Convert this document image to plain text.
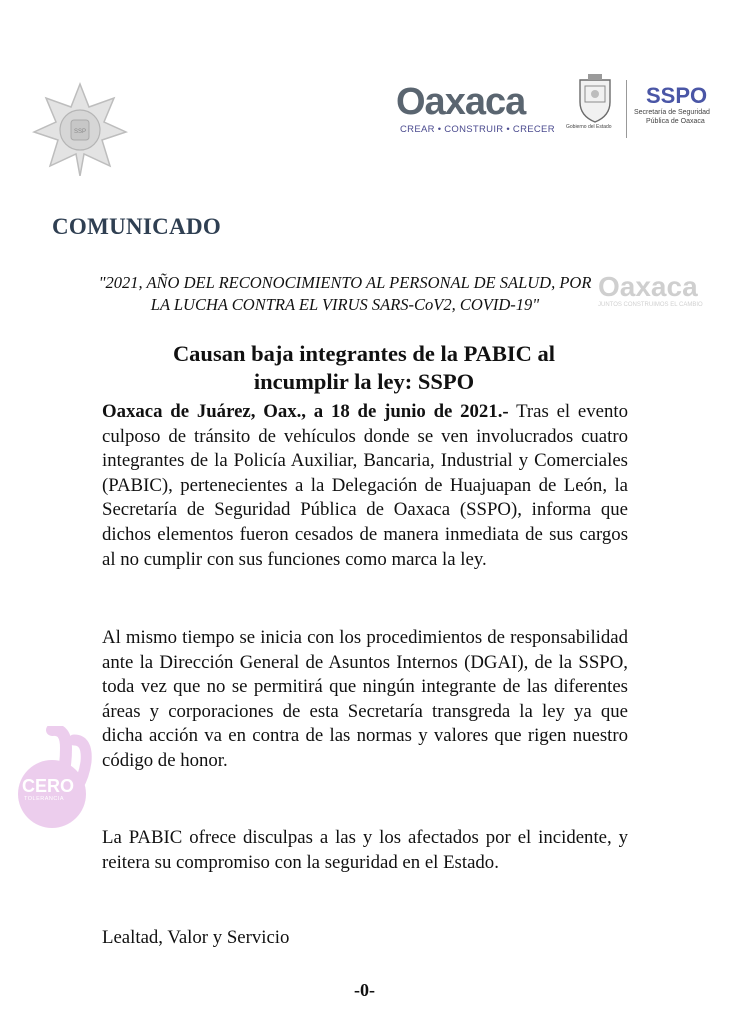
SSP
Oaxaca
CREAR • CONSTRUIR • CRECER Gobierno del Estado
SSPO
Secretaría de Seguridad
Pública de Oaxaca
Oaxaca
JUNTOS CONSTRUIMOS EL CAMBIO
CERO
TOLERANCIA
COMUNICADO
"2021, AÑO DEL RECONOCIMIENTO AL PERSONAL DE SALUD, POR
LA LUCHA CONTRA EL VIRUS SARS-CoV2, COVID-19"
Causan baja integrantes de la PABIC al
incumplir la ley: SSPO
Oaxaca de Juárez, Oax., a 18 de junio de 2021.- Tras el evento culposo de tránsito de vehículos donde se ven involucrados cuatro integrantes de la Policía Auxiliar, Bancaria, Industrial y Comerciales (PABIC), pertenecientes a la Delegación de Huajuapan de León, la Secretaría de Seguridad Pública de Oaxaca (SSPO), informa que dichos elementos fueron cesados de manera inmediata de sus cargos al no cumplir con sus funciones como marca la ley.
Al mismo tiempo se inicia con los procedimientos de responsabilidad ante la Dirección General de Asuntos Internos (DGAI), de la SSPO, toda vez que no se permitirá que ningún integrante de las diferentes áreas y corporaciones de esta Secretaría transgreda la ley ya que dicha acción va en contra de las normas y valores que rigen nuestro código de honor.
La PABIC ofrece disculpas a las y los afectados por el incidente, y reitera su compromiso con la seguridad en el Estado.
Lealtad, Valor y Servicio
-0-
